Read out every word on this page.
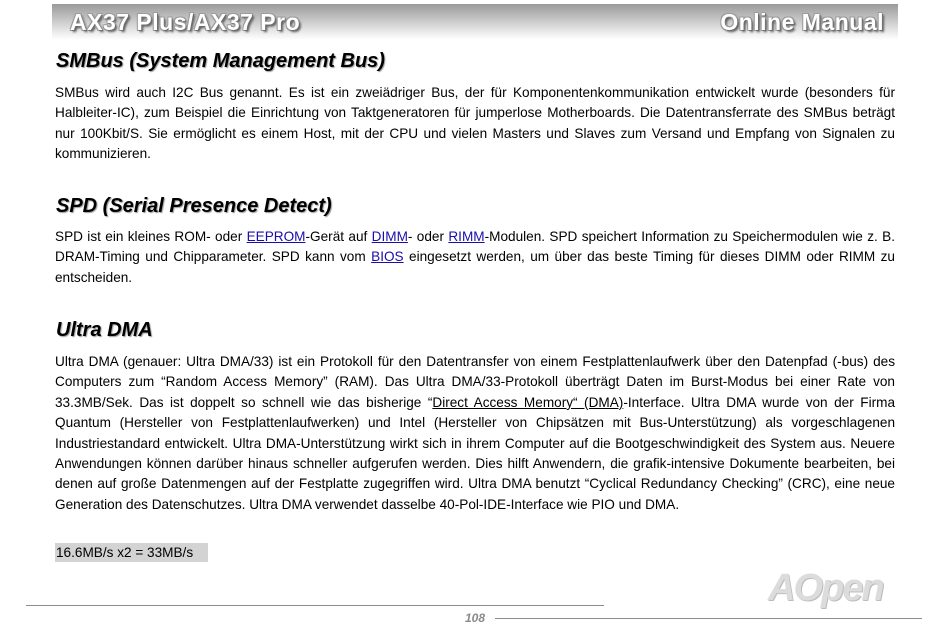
AX37 Plus/AX37 Pro	Online Manual
SMBus (System Management Bus)

SMBus wird auch I2C Bus genannt. Es ist ein zweiädriger Bus, der für Komponentenkommunikation entwickelt wurde (besonders für Halbleiter-IC), zum Beispiel die Einrichtung von Taktgeneratoren für jumperlose Motherboards. Die Datentransferrate des SMBus beträgt nur 100Kbit/S. Sie ermöglicht es einem Host, mit der CPU und vielen Masters und Slaves zum Versand und Empfang von Signalen zu kommunizieren.

SPD (Serial Presence Detect)

SPD ist ein kleines ROM- oder EEPROM-Gerät auf DIMM- oder RIMM-Modulen. SPD speichert Information zu Speichermodulen wie z. B. DRAM-Timing und Chipparameter. SPD kann vom BIOS eingesetzt werden, um über das beste Timing für dieses DIMM oder RIMM zu entscheiden.

Ultra DMA

Ultra DMA (genauer: Ultra DMA/33) ist ein Protokoll für den Datentransfer von einem Festplattenlaufwerk über den Datenpfad (-bus) des Computers zum “Random Access Memory” (RAM). Das Ultra DMA/33-Protokoll überträgt Daten im Burst-Modus bei einer Rate von 33.3MB/Sek. Das ist doppelt so schnell wie das bisherige “Direct Access Memory“ (DMA)-Interface. Ultra DMA wurde von der Firma Quantum (Hersteller von Festplattenlaufwerken) und Intel (Hersteller von Chipsätzen mit Bus-Unterstützung) als vorgeschlagenen Industriestandard entwickelt. Ultra DMA-Unterstützung wirkt sich in ihrem Computer auf die Bootgeschwindigkeit des System aus. Neuere Anwendungen können darüber hinaus schneller aufgerufen werden. Dies hilft Anwendern, die grafik-intensive Dokumente bearbeiten, bei denen auf große Datenmengen auf der Festplatte zugegriffen wird. Ultra DMA benutzt “Cyclical Redundancy Checking” (CRC), eine neue Generation des Datenschutzes. Ultra DMA verwendet dasselbe 40-Pol-IDE-Interface wie PIO und DMA.

16.6MB/s x2 = 33MB/s
AOpen
108
